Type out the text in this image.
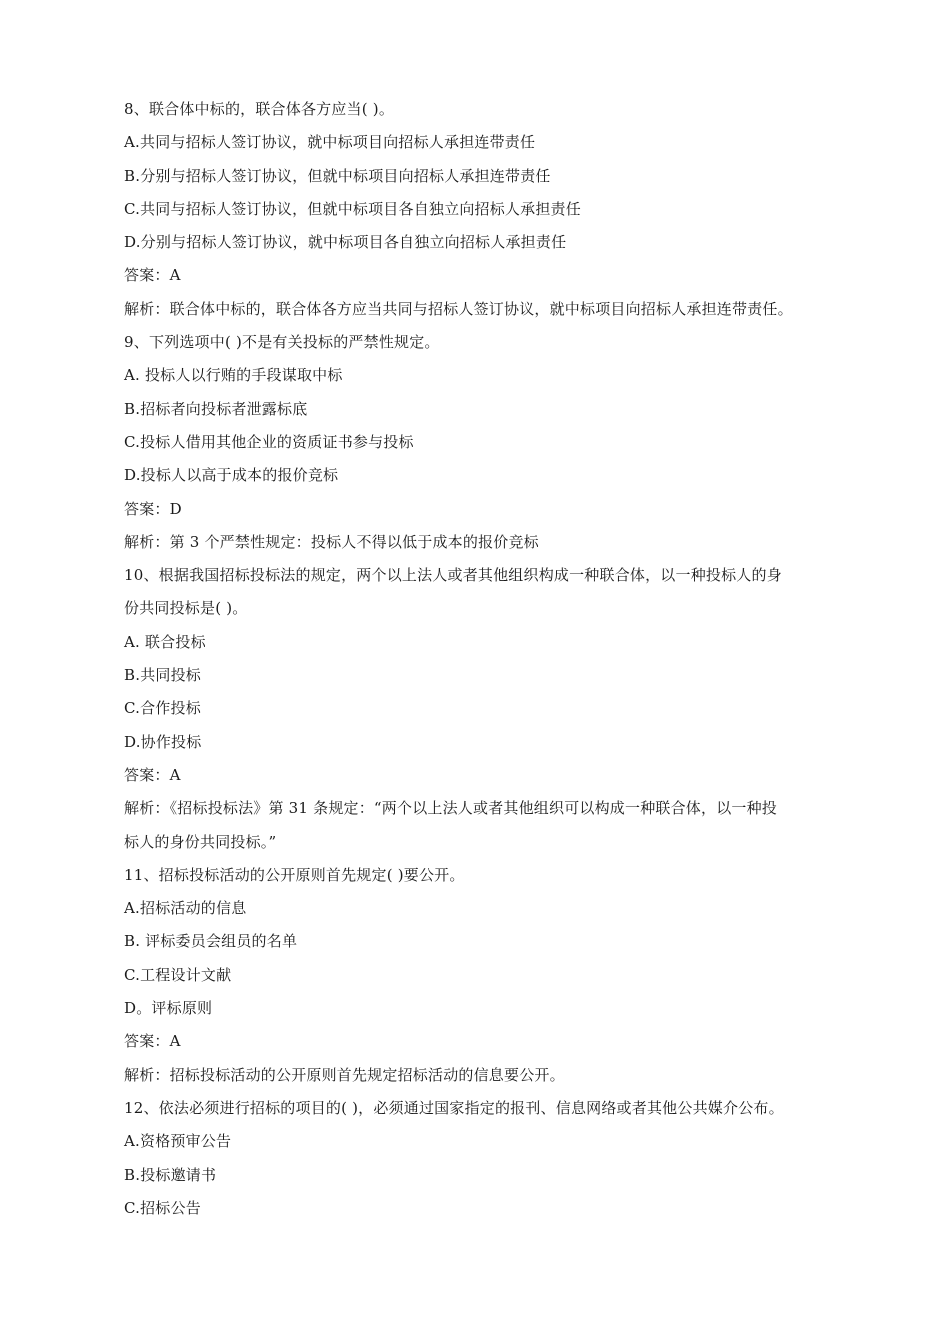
8、联合体中标的，联合体各方应当( )。
A.共同与招标人签订协议，就中标项目向招标人承担连带责任
B.分别与招标人签订协议，但就中标项目向招标人承担连带责任
C.共同与招标人签订协议，但就中标项目各自独立向招标人承担责任
D.分别与招标人签订协议，就中标项目各自独立向招标人承担责任
答案：A
解析：联合体中标的，联合体各方应当共同与招标人签订协议，就中标项目向招标人承担连带责任。
9、下列选项中( )不是有关投标的严禁性规定。
A. 投标人以行贿的手段谋取中标
B.招标者向投标者泄露标底
C.投标人借用其他企业的资质证书参与投标
D.投标人以高于成本的报价竞标
答案：D
解析：第 3 个严禁性规定：投标人不得以低于成本的报价竞标
10、根据我国招标投标法的规定，两个以上法人或者其他组织构成一种联合体，以一种投标人的身
份共同投标是( )。
A. 联合投标
B.共同投标
C.合作投标
D.协作投标
答案：A
解析：《招标投标法》第 31 条规定：“两个以上法人或者其他组织可以构成一种联合体，以一种投
标人的身份共同投标。”
11、招标投标活动的公开原则首先规定( )要公开。
A.招标活动的信息
B. 评标委员会组员的名单
C.工程设计文献
D。评标原则
答案：A
解析：招标投标活动的公开原则首先规定招标活动的信息要公开。
12、依法必须进行招标的项目的( )，必须通过国家指定的报刊、信息网络或者其他公共媒介公布。
A.资格预审公告
B.投标邀请书
C.招标公告
